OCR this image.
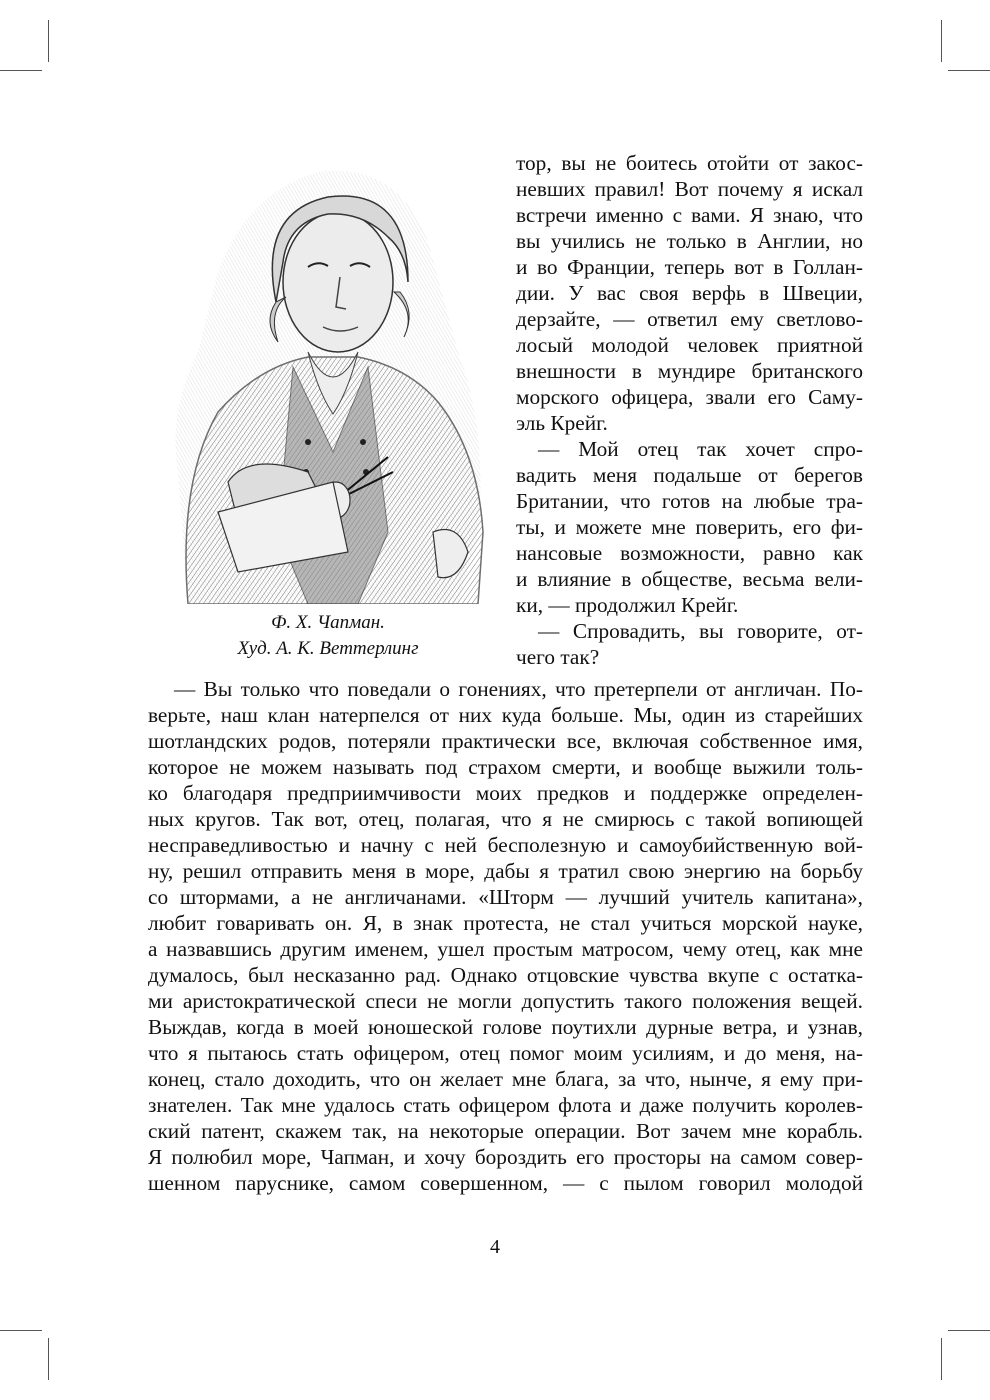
Ф. Х. Чапман.
Худ. А. К. Веттерлинг
тор, вы не боитесь отойти от закос-
невших правил! Вот почему я искал
встречи именно с вами. Я знаю, что
вы учились не только в Англии, но
и во Франции, теперь вот в Голлан-
дии. У вас своя верфь в Швеции,
дерзайте, — ответил ему светлово-
лосый молодой человек приятной
внешности в мундире британского
морского офицера, звали его Саму-
эль Крейг.
— Мой отец так хочет спро-
вадить меня подальше от берегов
Британии, что готов на любые тра-
ты, и можете мне поверить, его фи-
нансовые возможности, равно как
и влияние в обществе, весьма вели-
ки, — продолжил Крейг.
— Спровадить, вы говорите, от-
чего так?
— Вы только что поведали о гонениях, что претерпели от англичан. По-
верьте, наш клан натерпелся от них куда больше. Мы, один из старейших
шотландских родов, потеряли практически все, включая собственное имя,
которое не можем называть под страхом смерти, и вообще выжили толь-
ко благодаря предприимчивости моих предков и поддержке определен-
ных кругов. Так вот, отец, полагая, что я не смирюсь с такой вопиющей
несправедливостью и начну с ней бесполезную и самоубийственную вой-
ну, решил отправить меня в море, дабы я тратил свою энергию на борьбу
со штормами, а не англичанами. «Шторм — лучший учитель капитана»,
любит говаривать он. Я, в знак протеста, не стал учиться морской науке,
а назвавшись другим именем, ушел простым матросом, чему отец, как мне
думалось, был несказанно рад. Однако отцовские чувства вкупе с остатка-
ми аристократической спеси не могли допустить такого положения вещей.
Выждав, когда в моей юношеской голове поутихли дурные ветра, и узнав,
что я пытаюсь стать офицером, отец помог моим усилиям, и до меня, на-
конец, стало доходить, что он желает мне блага, за что, нынче, я ему при-
знателен. Так мне удалось стать офицером флота и даже получить королев-
ский патент, скажем так, на некоторые операции. Вот зачем мне корабль.
Я полюбил море, Чапман, и хочу бороздить его просторы на самом совер-
шенном паруснике, самом совершенном, — с пылом говорил молодой
4
